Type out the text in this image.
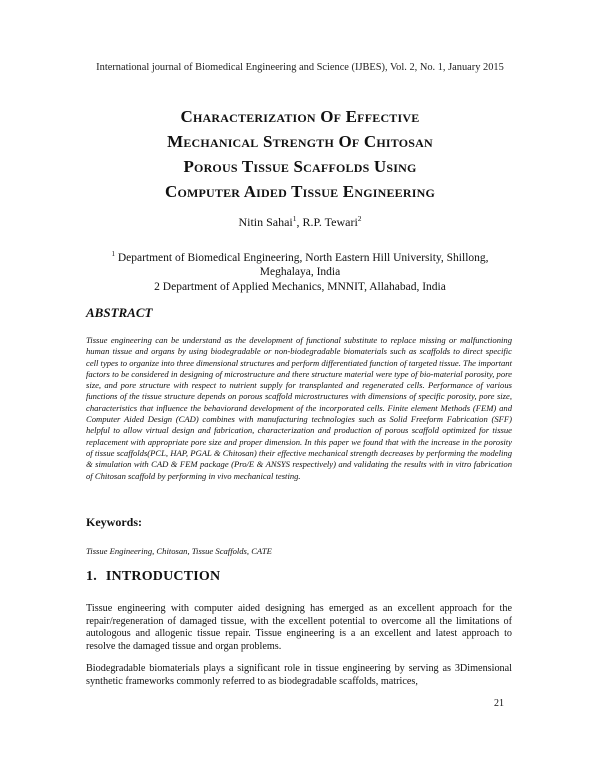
International journal of Biomedical Engineering and Science (IJBES), Vol. 2, No. 1, January 2015
Characterization Of Effective
Mechanical Strength Of Chitosan
Porous Tissue Scaffolds Using
Computer Aided Tissue Engineering
Nitin Sahai$^1$, R.P. Tewari$^2$
$^1$ Department of Biomedical Engineering, North Eastern Hill University, Shillong, Meghalaya, India
2 Department of Applied Mechanics, MNNIT, Allahabad, India
ABSTRACT
Tissue engineering can be understand as the development of functional substitute to replace missing or malfunctioning human tissue and organs by using biodegradable or non-biodegradable biomaterials such as scaffolds to direct specific cell types to organize into three dimensional structures and perform differentiated function of targeted tissue. The important factors to be considered in designing of microstructure and there structure material were type of bio-material porosity, pore size, and pore structure with respect to nutrient supply for transplanted and regenerated cells. Performance of various functions of the tissue structure depends on porous scaffold microstructures with dimensions of specific porosity, pore size, characteristics that influence the behaviorand development of the incorporated cells. Finite element Methods (FEM) and Computer Aided Design (CAD) combines with manufacturing technologies such as Solid Freeform Fabrication (SFF) helpful to allow virtual design and fabrication, characterization and production of porous scaffold optimized for tissue replacement with appropriate pore size and proper dimension. In this paper we found that with the increase in the porosity of tissue scaffolds(PCL, HAP, PGAL & Chitosan) their effective mechanical strength decreases by performing the modeling & simulation with CAD & FEM package (Pro/E & ANSYS respectively) and validating the results with in vitro fabrication of Chitosan scaffold by performing in vivo mechanical testing.
Keywords:
Tissue Engineering, Chitosan, Tissue Scaffolds, CATE
1. INTRODUCTION
Tissue engineering with computer aided designing has emerged as an excellent approach for the repair/regeneration of damaged tissue, with the excellent potential to overcome all the limitations of autologous and allogenic tissue repair. Tissue engineering is a an excellent and latest approach to resolve the damaged tissue and organ problems.
Biodegradable biomaterials plays a significant role in tissue engineering by serving as 3Dimensional synthetic frameworks commonly referred to as biodegradable scaffolds, matrices,
21
